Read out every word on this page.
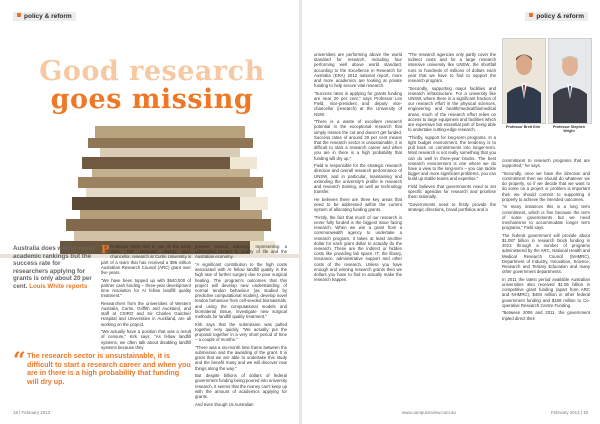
policy & reform
Good research
goes missing

Australia does well in world academic rankings but the success rate for researchers applying for grants is only about 20 per cent. Louis White reports

P Professor Brett Kirk is one of the lucky ones. The associate deputy vice-chancellor, research at Curtin University is part of a team that has received a $96 million Australian Research Council (ARC) grant over five years.

"We have been topped up with $640,000 of partner cash funding – three-year development time resolution for AI fellow landfill quality treatment."

Researchers from the universities of Western Australia, Curtin, Griffith and Auckland, and staff at CSIRO and Sir Charles Gairdner Hospital and Universities in Auckland, are all working on the project.

"We actually have a position that was a result of censure," Kirk says. "As fellow landfill systems, we often talk about disabling landfill systems because they

present normal watering, representing a substantial burden to quality of life and the Australian economy.

"A significant contribution to the high costs associated with AI fellow landfill quality is the high rate of further surgery due to poor surgical healing. The program's outcomes that this project will develop new understanding of normal tendon behaviour (as studied by predictive computational models), develop novel tendon behaviour from cell-seeded biomaterials, and using the computational models and biomaterial tissue, investigate new surgical methods for landfill quality treatment."

Kirk says that the submission was pulled together very quickly. "We actually put the proposal together in a very short period of time – a couple of months."

"There was a six-month time frame between the submission and the awarding of the grant. It is great that we are able to undertake this study and the benefit many and we will discover new things along the way."

But despite billions of dollars of federal government funding being poured into university research, it seems that the money can't keep up with the amount of academics applying for grants.

And even though 15 Australian

“ The research sector is unsustainable, it is difficult to start a research career and when you are in there is a high probability that funding will dry up.
18 | February 2013
policy & reform

universities are performing above the world standard for research, including four performing well above world standard, according to the Excellence in Research for Australia (ERA) 2012 national report, more and more academics are looking at private funding to help secure vital research.

"Success rates in applying for grants funding are near 20 per cent," says Professor Les Field, vice-president and deputy vice-chancellor (research) at the University of NSW.

"There is a waste of excellent research potential in the exceptional research that simply misses the cut and doesn't get funded. Success rates of around 20 per cent means that the research sector is unsustainable, it is difficult to start a research career and when you are in there is a high probability that funding will dry up."

Field is responsible for the strategic research direction and overall research performance of UNSW, and in particular, maintaining and extending the university's profile in research and research training, as well as technology transfer.

He believes there are three key areas that need to be addressed within the current system of allocating funding grants.

"Firstly, the fact that much of our research is never fully funded is the biggest issue facing research. When we win a grant from a commonwealth agency to undertake a research program, it takes at least another dollar for each grant dollar to actually do the research. These are the indirect or hidden costs like providing lab space, IT, the library, insurance, administrative support and other costs of the research. Unless you have enough and winning research grants then we dollars you have to find to actually make the research happen.

"The research agencies only partly cover the indirect costs and for a large research intensive university like UNSW, the shortfall runs to hundreds of millions of dollars each year that we have to find to support the research program.

"Secondly, supporting major facilities and research infrastructure. For a university like UNSW, where there is a significant fraction of our research effort in the physical sciences, engineering and health/medical/biomedical areas, much of the research effort relies on access to large equipment and facilities which are expensive but essential part of being able to undertake cutting-edge research.

"Thirdly, support for long-term programs. In a tight budget environment, the tendency is to pull back on commitments into longer-term. Most research is not really something that you can do well in three-year blocks. The best research environment is one where we do have a view to the long-term – you can tackle bigger and more significant problems, you can build up stable teams and expertise."

Field believes that governments need to set specific agendas for research and prioritise them rationally.

"Governments need to firstly provide the strategic directions, broad portfolios and a

Professor Brett Kirk	Professor Stephen Wright

commitment to research programs that are supported," he says.

"Secondly, once we have the direction and commitment then we should do whatever we do properly, so if we decide that we want to do some on a project or problem is important then we should commit to supporting it properly to achieve the intended outcomes.

"In many instances this is a long term commitment, which is fine because the term of some governments but we need mechanisms to accommodate longer term programs," Field says.

The federal government will provide about $1.087 billion in research block funding in 2013 through a number of programs administered by the ARC, National Health and Medical Research Council (NHMRC), Department of Industry, Innovation, Science, Research and Tertiary Education and many other government departments.

In 2011 the latest period available Australian universities also received $1.05 billion in competitive grant funding (apart from ARC and NHMRC), $494 million in other federal government funding and $169 million to Co-operative Research Centre Funding.

"Between 2006 and 2011, the government tripled direct their

www.campusreview.com.au	February 2013 | 19
